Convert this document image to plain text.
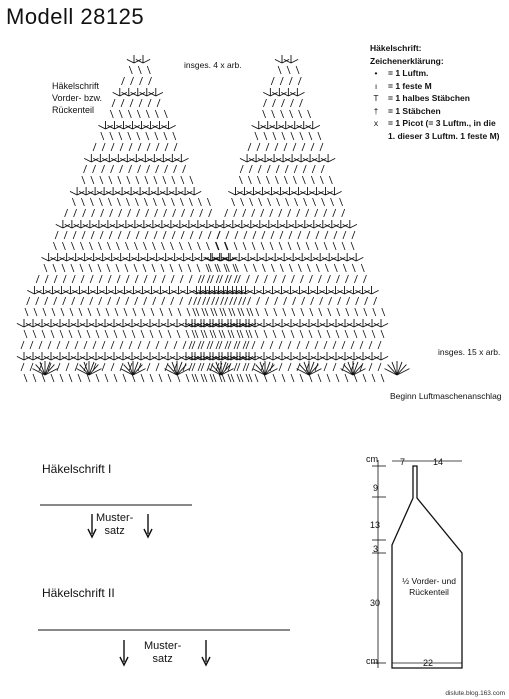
Modell 28125
Häkelschrift
Vorder- bzw.
Rückenteil
insges. 4 x arb.
insges. 15 x arb.
Beginn Luftmaschenanschlag
Häkelschrift:
Zeichenerklärung:
•	= 1 Luftm.
ı	= 1 feste M
T	= 1 halbes Stäbchen
†	= 1 Stäbchen
x	= 1 Picot (= 3 Luftm., in die
1. dieser 3 Luftm. 1 feste M)
Häkelschrift I
Muster-
satz
Häkelschrift II
Muster-
satz
cm
cm
7	14
9
13
3
30
22
½ Vorder- und
Rückenteil
dislute.blog.163.com
